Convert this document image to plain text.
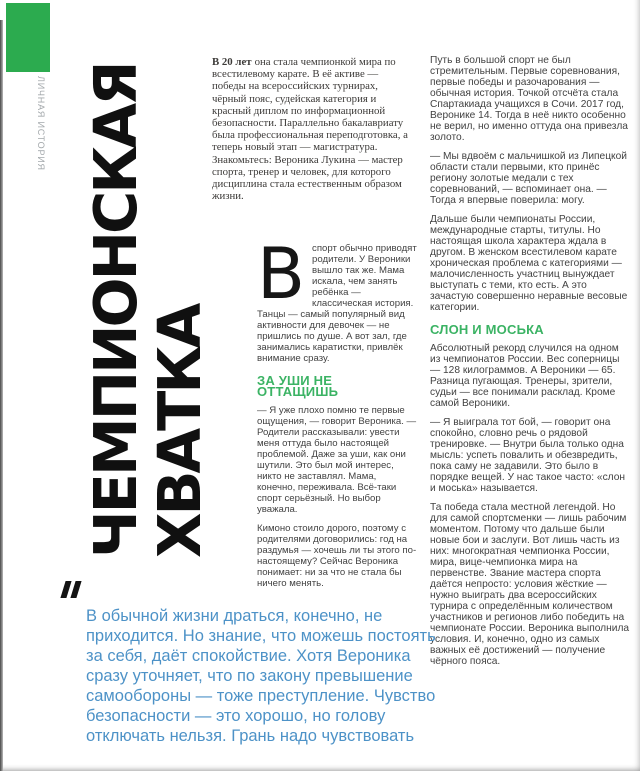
ЛИЧНАЯ ИСТОРИЯ ЧЕМПИОНСКАЯ
ХВАТКА
В 20 лет она стала чемпионкой мира по всестилевому карате. В её активе — победы на всероссийских турнирах, чёрный пояс, судейская категория и красный диплом по информационной безопасности. Параллельно бакалавриату была профессиональная переподготовка, а теперь новый этап — магистратура. Знакомьтесь: Вероника Лукина — мастер спорта, тренер и человек, для которого дисциплина стала естественным образом жизни.

Вспорт обычно приводят родители. У Вероники вышло так же. Мама искала, чем занять ребёнка — классическая история. Танцы — самый популярный вид активности для девочек — не пришлись по душе. А вот зал, где занимались каратистки, привлёк внимание сразу.

ЗА УШИ НЕ ОТТАЩИШЬ

— Я уже плохо помню те первые ощущения, — говорит Вероника. — Родители рассказывали: увести меня оттуда было настоящей проблемой. Даже за уши, как они шутили. Это был мой интерес, никто не заставлял. Мама, конечно, переживала. Всё-таки спорт серьёзный. Но выбор уважала.

Кимоно стоило дорого, поэтому с родителями договорились: год на раздумья — хочешь ли ты этого по-настоящему? Сейчас Вероника понимает: ни за что не стала бы ничего менять.

Путь в большой спорт не был стремительным. Первые соревнования, первые победы и разочарования — обычная история. Точкой отсчёта стала Спартакиада учащихся в Сочи. 2017 год, Веронике 14. Тогда в неё никто особенно не верил, но именно оттуда она привезла золото.

— Мы вдвоём с мальчишкой из Липецкой области стали первыми, кто принёс региону золотые медали с тех соревнований, — вспоминает она. — Тогда я впервые поверила: могу.

Дальше были чемпионаты России, международные старты, титулы. Но настоящая школа характера ждала в другом. В женском всестилевом карате хроническая проблема с категориями — малочисленность участниц вынуждает выступать с теми, кто есть. А это зачастую совершенно неравные весовые категории.

СЛОН И МОСЬКА

Абсолютный рекорд случился на одном из чемпионатов России. Вес соперницы — 128 килограммов. А Вероники — 65. Разница пугающая. Тренеры, зрители, судьи — все понимали расклад. Кроме самой Вероники.

— Я выиграла тот бой, — говорит она спокойно, словно речь о рядовой тренировке. — Внутри была только одна мысль: успеть повалить и обезвредить, пока саму не задавили. Это было в порядке вещей. У нас такое часто: «слон и моська» называется.

Та победа стала местной легендой. Но для самой спортсменки — лишь рабочим моментом. Потому что дальше были новые бои и заслуги. Вот лишь часть из них: многократная чемпионка России, мира, вице-чемпионка мира на первенстве. Звание мастера спорта даётся непросто: условия жёсткие — нужно выиграть два всероссийских турнира с определённым количеством участников и регионов либо победить на чемпионате России. Вероника выполнила условия. И, конечно, одно из самых важных её достижений — получение чёрного пояса.

В обычной жизни драться, конечно, не приходится. Но знание, что можешь постоять за себя, даёт спокойствие. Хотя Вероника сразу уточняет, что по закону превышение самообороны — тоже преступление. Чувство безопасности — это хорошо, но голову отключать нельзя. Грань надо чувствовать
